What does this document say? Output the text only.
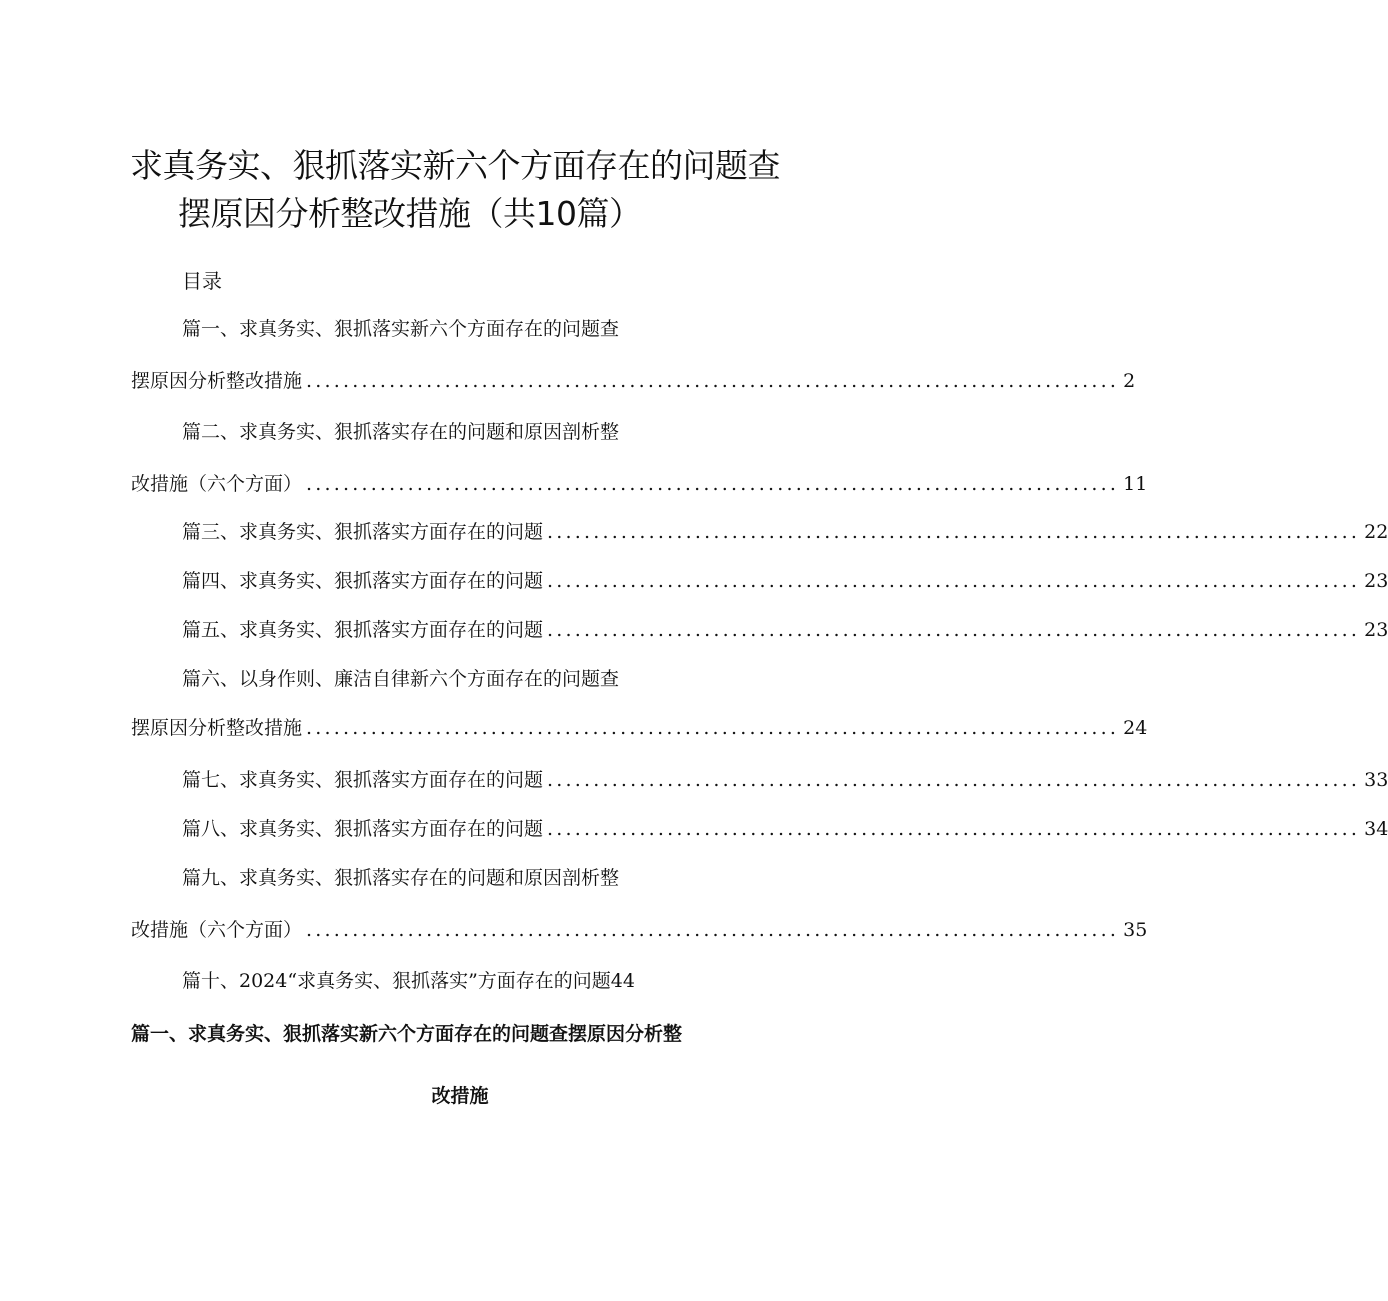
求真务实、狠抓落实新六个方面存在的问题查
摆原因分析整改措施（共10篇）
目录
篇一、求真务实、狠抓落实新六个方面存在的问题查
摆原因分析整改措施 ........................................................................................ 2
篇二、求真务实、狠抓落实存在的问题和原因剖析整
改措施（六个方面） ........................................................................................ 11
篇三、求真务实、狠抓落实方面存在的问题 ........................................................................................ 22
篇四、求真务实、狠抓落实方面存在的问题 ........................................................................................ 23
篇五、求真务实、狠抓落实方面存在的问题 ........................................................................................ 23
篇六、以身作则、廉洁自律新六个方面存在的问题查
摆原因分析整改措施 ........................................................................................ 24
篇七、求真务实、狠抓落实方面存在的问题 ........................................................................................ 33
篇八、求真务实、狠抓落实方面存在的问题 ........................................................................................ 34
篇九、求真务实、狠抓落实存在的问题和原因剖析整
改措施（六个方面） ........................................................................................ 35
篇十、2024“求真务实、狠抓落实”方面存在的问题44
篇一、求真务实、狠抓落实新六个方面存在的问题查摆原因分析整
改措施
